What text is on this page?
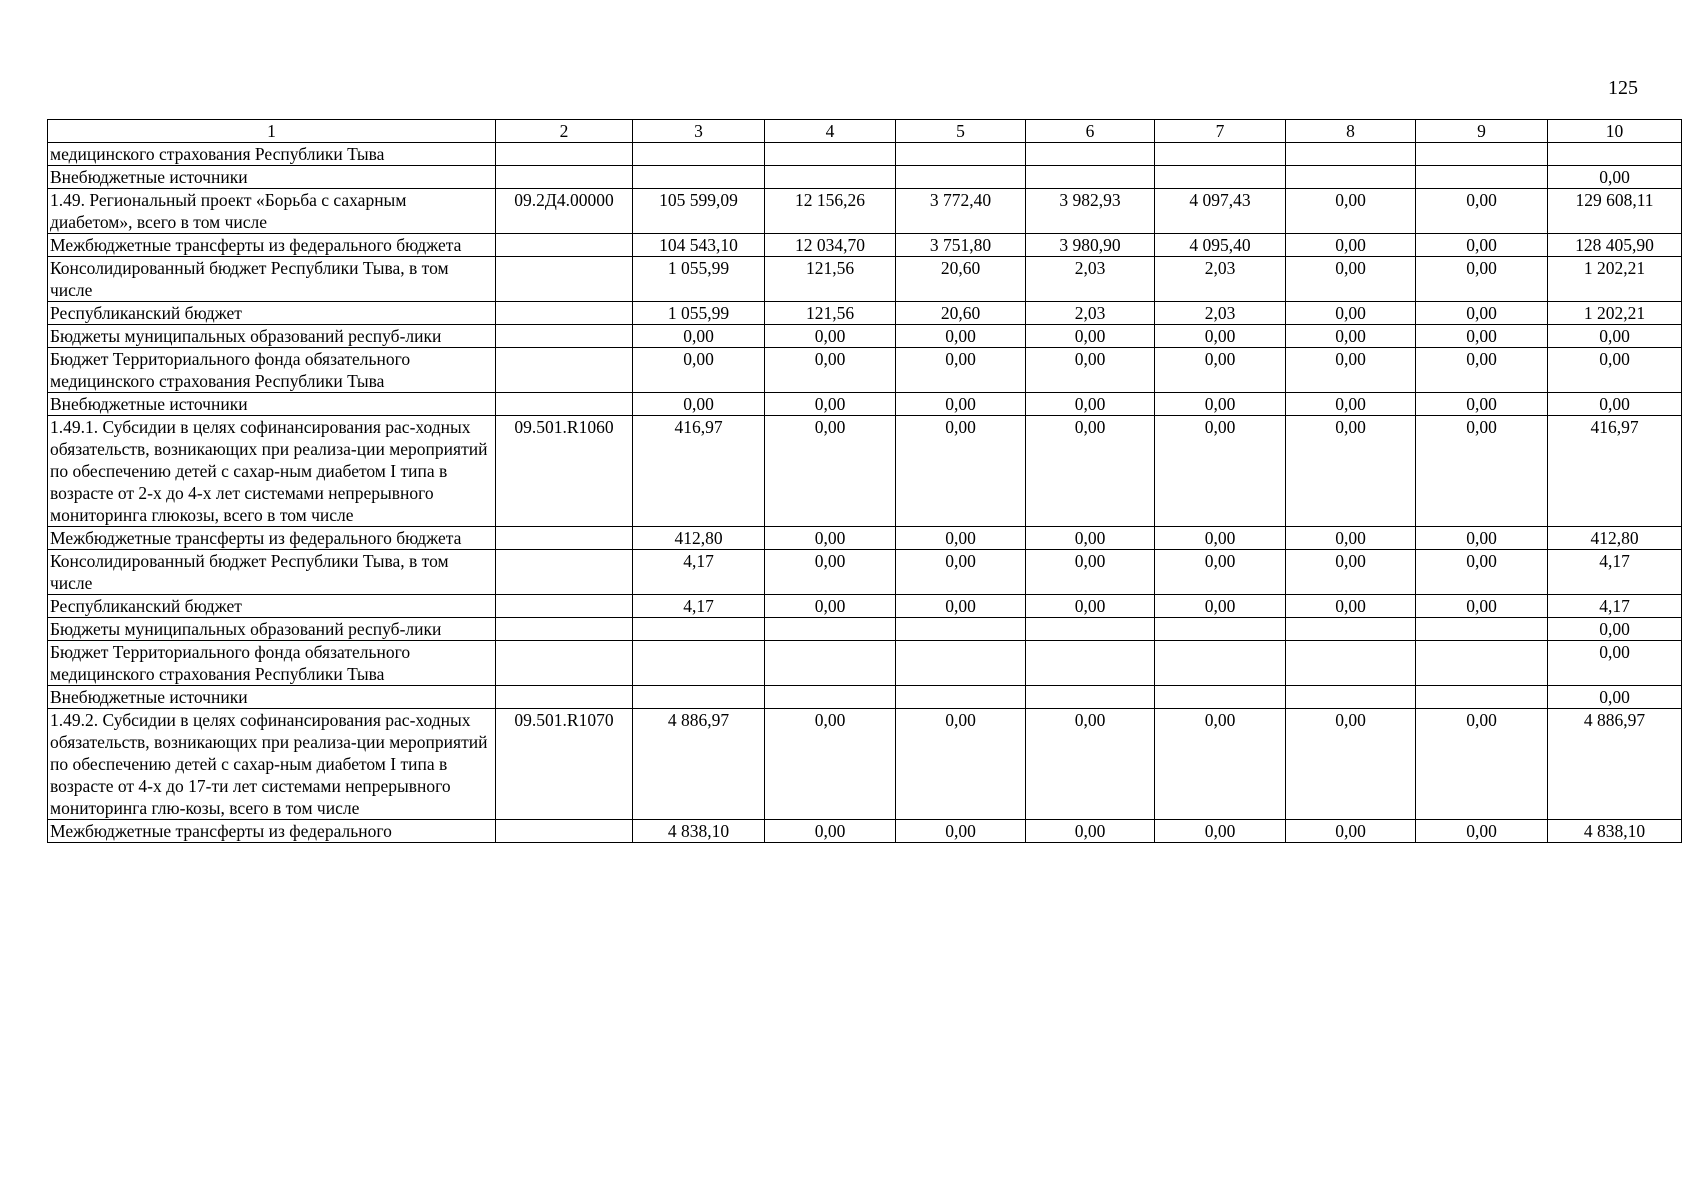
125
1	2	3	4	5	6	7	8	9	10
медицинского страхования Республики Тыва									
Внебюджетные источники									0,00
1.49. Региональный проект «Борьба с сахарным диабетом», всего в том числе	09.2Д4.00000	105 599,09	12 156,26	3 772,40	3 982,93	4 097,43	0,00	0,00	129 608,11
Межбюджетные трансферты из федерального бюджета		104 543,10	12 034,70	3 751,80	3 980,90	4 095,40	0,00	0,00	128 405,90
Консолидированный бюджет Республики Тыва, в том числе		1 055,99	121,56	20,60	2,03	2,03	0,00	0,00	1 202,21
Республиканский бюджет		1 055,99	121,56	20,60	2,03	2,03	0,00	0,00	1 202,21
Бюджеты муниципальных образований респуб-лики		0,00	0,00	0,00	0,00	0,00	0,00	0,00	0,00
Бюджет Территориального фонда обязательного медицинского страхования Республики Тыва		0,00	0,00	0,00	0,00	0,00	0,00	0,00	0,00
Внебюджетные источники		0,00	0,00	0,00	0,00	0,00	0,00	0,00	0,00
1.49.1. Субсидии в целях софинансирования рас-ходных обязательств, возникающих при реализа-ции мероприятий по обеспечению детей с сахар-ным диабетом I типа в возрасте от 2-х до 4-х лет системами непрерывного мониторинга глюкозы, всего в том числе	09.501.R1060	416,97	0,00	0,00	0,00	0,00	0,00	0,00	416,97
Межбюджетные трансферты из федерального бюджета		412,80	0,00	0,00	0,00	0,00	0,00	0,00	412,80
Консолидированный бюджет Республики Тыва, в том числе		4,17	0,00	0,00	0,00	0,00	0,00	0,00	4,17
Республиканский бюджет		4,17	0,00	0,00	0,00	0,00	0,00	0,00	4,17
Бюджеты муниципальных образований респуб-лики									0,00
Бюджет Территориального фонда обязательного медицинского страхования Республики Тыва									0,00
Внебюджетные источники									0,00
1.49.2. Субсидии в целях софинансирования рас-ходных обязательств, возникающих при реализа-ции мероприятий по обеспечению детей с сахар-ным диабетом I типа в возрасте от 4-х до 17-ти лет системами непрерывного мониторинга глю-козы, всего в том числе	09.501.R1070	4 886,97	0,00	0,00	0,00	0,00	0,00	0,00	4 886,97
Межбюджетные трансферты из федерального		4 838,10	0,00	0,00	0,00	0,00	0,00	0,00	4 838,10
